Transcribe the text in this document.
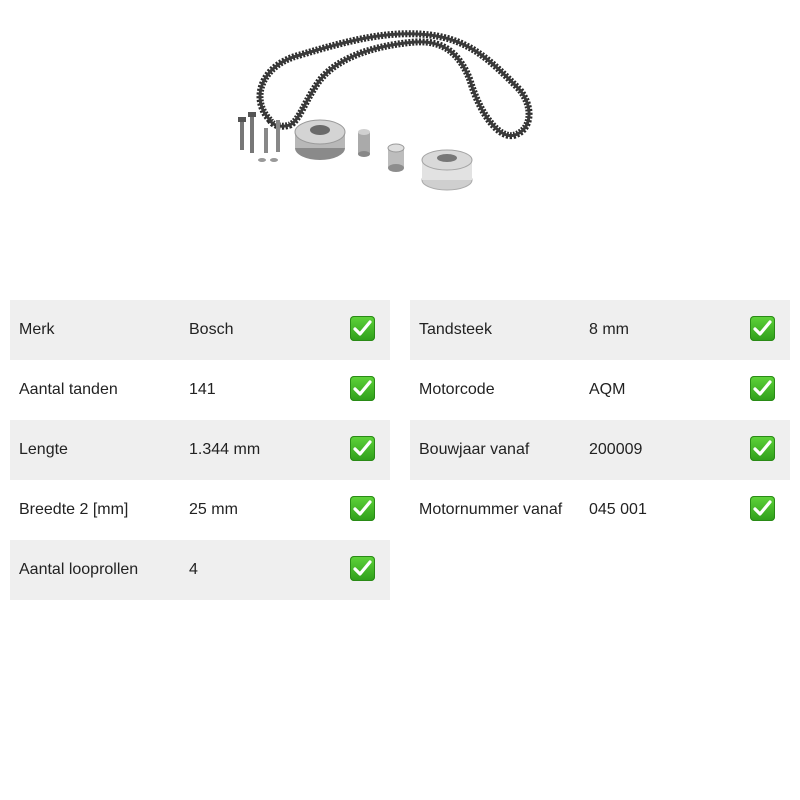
Merk	Bosch
Aantal tanden	141
Lengte	1.344 mm
Breedte 2 [mm]	25 mm
Aantal looprollen	4
Tandsteek	8 mm
Motorcode	AQM
Bouwjaar vanaf	200009
Motornummer vanaf 045 001
